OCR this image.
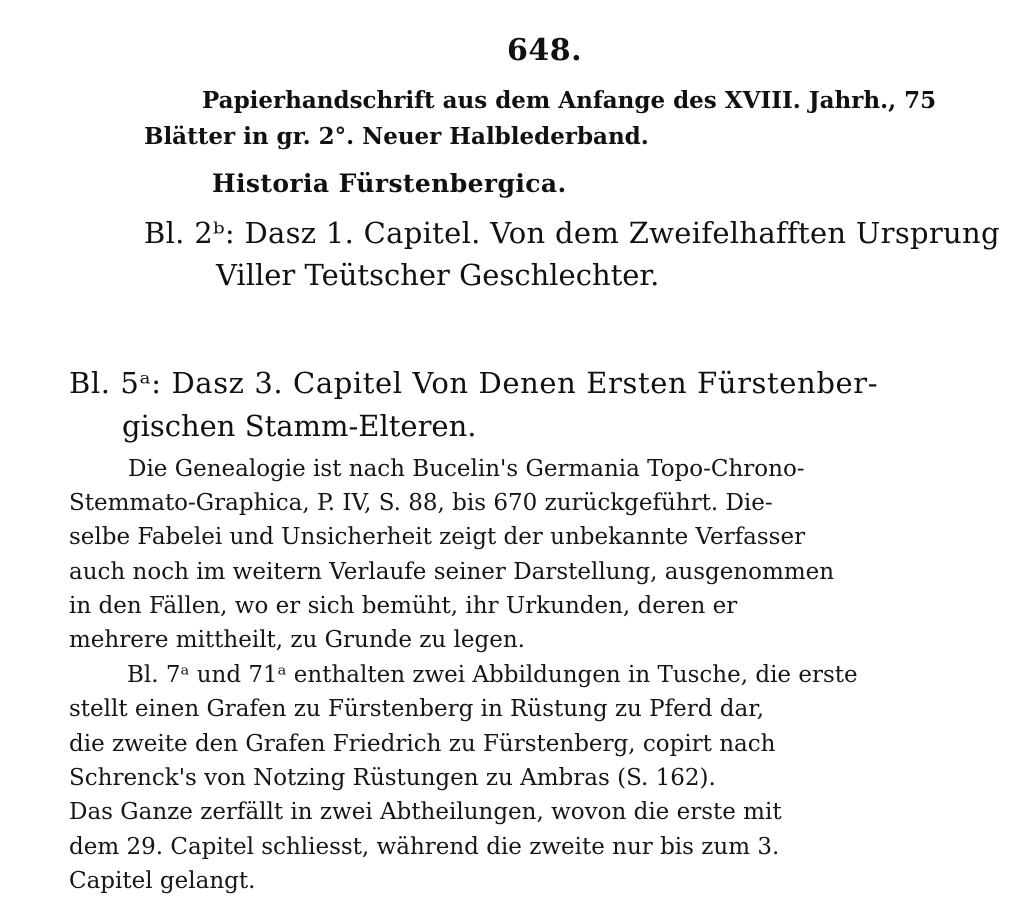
648.
Papierhandschrift aus dem Anfange des XVIII. Jahrh., 75
Blätter in gr. 2°. Neuer Halblederband.
Historia Fürstenbergica.
Bl. 2ᵇ: Dasz 1. Capitel. Von dem Zweifelhafften Ursprung
Viller Teütscher Geschlechter.
Bl. 5ᵃ: Dasz 3. Capitel Von Denen Ersten Fürstenber-
gischen Stamm-Elteren.
Die Genealogie ist nach Bucelin's Germania Topo-Chrono-
Stemmato-Graphica, P. IV, S. 88, bis 670 zurückgeführt. Die-
selbe Fabelei und Unsicherheit zeigt der unbekannte Verfasser
auch noch im weitern Verlaufe seiner Darstellung, ausgenommen
in den Fällen, wo er sich bemüht, ihr Urkunden, deren er
mehrere mittheilt, zu Grunde zu legen.
Bl. 7ᵃ und 71ᵃ enthalten zwei Abbildungen in Tusche, die erste
stellt einen Grafen zu Fürstenberg in Rüstung zu Pferd dar,
die zweite den Grafen Friedrich zu Fürstenberg, copirt nach
Schrenck's von Notzing Rüstungen zu Ambras (S. 162).
Das Ganze zerfällt in zwei Abtheilungen, wovon die erste mit
dem 29. Capitel schliesst, während die zweite nur bis zum 3.
Capitel gelangt.
